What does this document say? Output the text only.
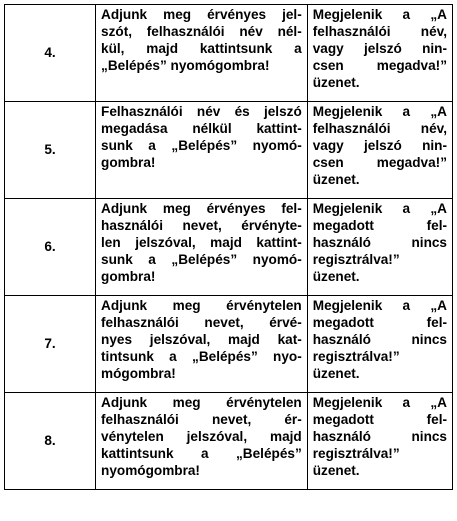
4.	Adjunk meg érvényes jel-
szót, felhasználói név nél-
kül, majd kattintsunk a
„Belépés” nyomógombra!	Megjelenik a „A
felhasználói név,
vagy jelszó nin-
csen megadva!”
üzenet.

5.	Felhasználói név és jelszó
megadása nélkül kattint-
sunk a „Belépés” nyomó-
gombra!	Megjelenik a „A
felhasználói név,
vagy jelszó nin-
csen megadva!”
üzenet.

6.	Adjunk meg érvényes fel-
használói nevet, érvényte-
len jelszóval, majd kattint-
sunk a „Belépés” nyomó-
gombra!	Megjelenik a „A
megadott fel-
használó nincs
regisztrálva!”
üzenet.

7.	Adjunk meg érvénytelen
felhasználói nevet, érvé-
nyes jelszóval, majd kat-
tintsunk a „Belépés” nyo-
mógombra!	Megjelenik a „A
megadott fel-
használó nincs
regisztrálva!”
üzenet.

8.	Adjunk meg érvénytelen
felhasználói nevet, ér-
vénytelen jelszóval, majd
kattintsunk a „Belépés”
nyomógombra!	Megjelenik a „A
megadott fel-
használó nincs
regisztrálva!”
üzenet.
